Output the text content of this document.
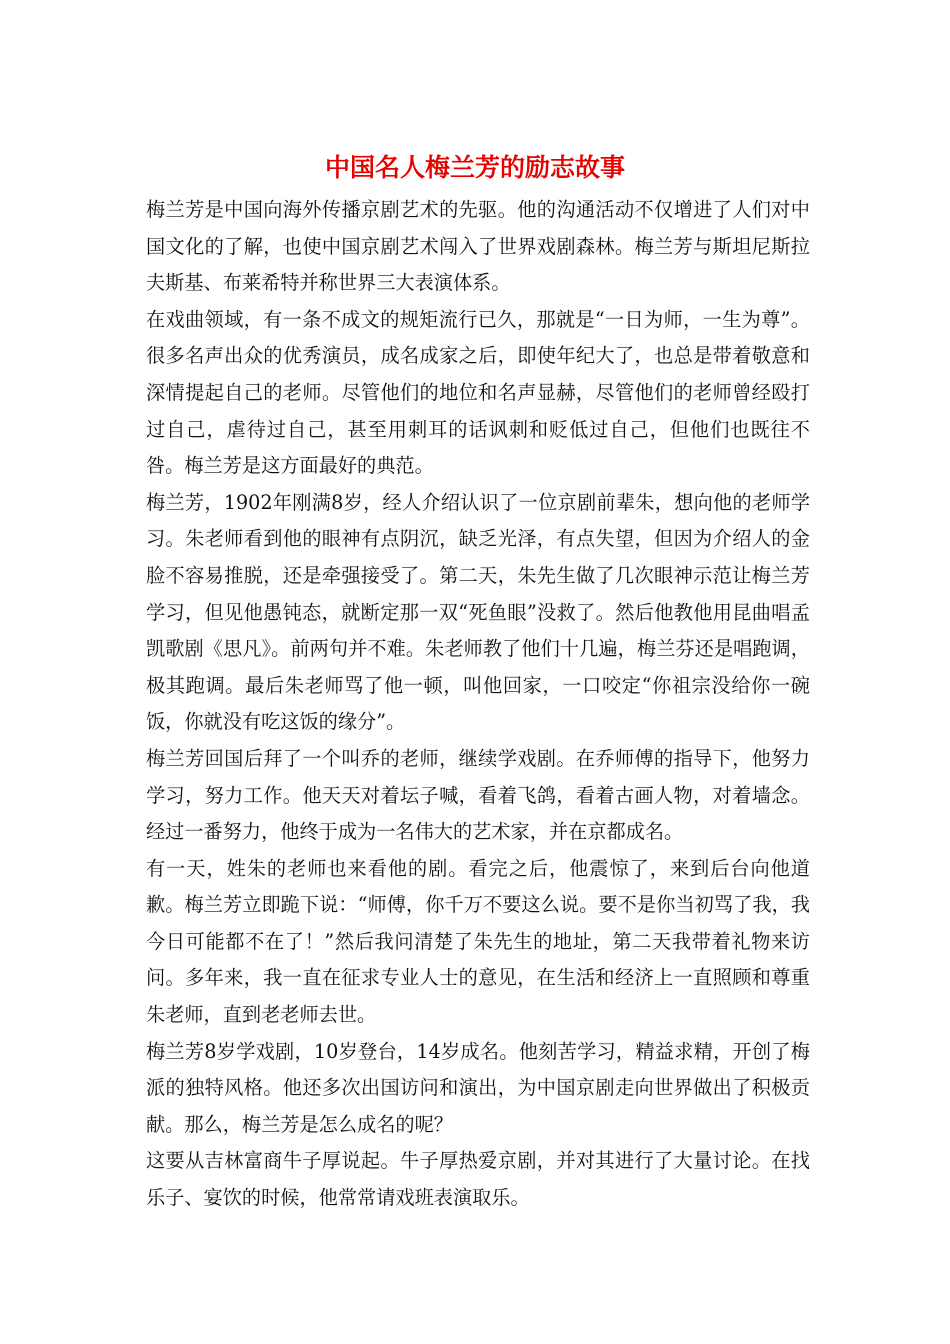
中国名人梅兰芳的励志故事

梅兰芳是中国向海外传播京剧艺术的先驱。他的沟通活动不仅增进了人们对中国文化的了解，也使中国京剧艺术闯入了世界戏剧森林。梅兰芳与斯坦尼斯拉夫斯基、布莱希特并称世界三大表演体系。

在戏曲领域，有一条不成文的规矩流行已久，那就是“一日为师，一生为尊”。很多名声出众的优秀演员，成名成家之后，即使年纪大了，也总是带着敬意和深情提起自己的老师。尽管他们的地位和名声显赫，尽管他们的老师曾经殴打过自己，虐待过自己，甚至用刺耳的话讽刺和贬低过自己，但他们也既往不咎。梅兰芳是这方面最好的典范。

梅兰芳，1902年刚满8岁，经人介绍认识了一位京剧前辈朱，想向他的老师学习。朱老师看到他的眼神有点阴沉，缺乏光泽，有点失望，但因为介绍人的金脸不容易推脱，还是牵强接受了。第二天，朱先生做了几次眼神示范让梅兰芳学习，但见他愚钝态，就断定那一双“死鱼眼”没救了。然后他教他用昆曲唱孟凯歌剧《思凡》。前两句并不难。朱老师教了他们十几遍，梅兰芬还是唱跑调，极其跑调。最后朱老师骂了他一顿，叫他回家，一口咬定“你祖宗没给你一碗饭，你就没有吃这饭的缘分”。

梅兰芳回国后拜了一个叫乔的老师，继续学戏剧。在乔师傅的指导下，他努力学习，努力工作。他天天对着坛子喊，看着飞鸽，看着古画人物，对着墙念。经过一番努力，他终于成为一名伟大的艺术家，并在京都成名。

有一天，姓朱的老师也来看他的剧。看完之后，他震惊了，来到后台向他道歉。梅兰芳立即跪下说：“师傅，你千万不要这么说。要不是你当初骂了我，我今日可能都不在了！”然后我问清楚了朱先生的地址，第二天我带着礼物来访问。多年来，我一直在征求专业人士的意见，在生活和经济上一直照顾和尊重朱老师，直到老老师去世。

梅兰芳8岁学戏剧，10岁登台，14岁成名。他刻苦学习，精益求精，开创了梅派的独特风格。他还多次出国访问和演出，为中国京剧走向世界做出了积极贡献。那么，梅兰芳是怎么成名的呢？

这要从吉林富商牛子厚说起。牛子厚热爱京剧，并对其进行了大量讨论。在找乐子、宴饮的时候，他常常请戏班表演取乐。
